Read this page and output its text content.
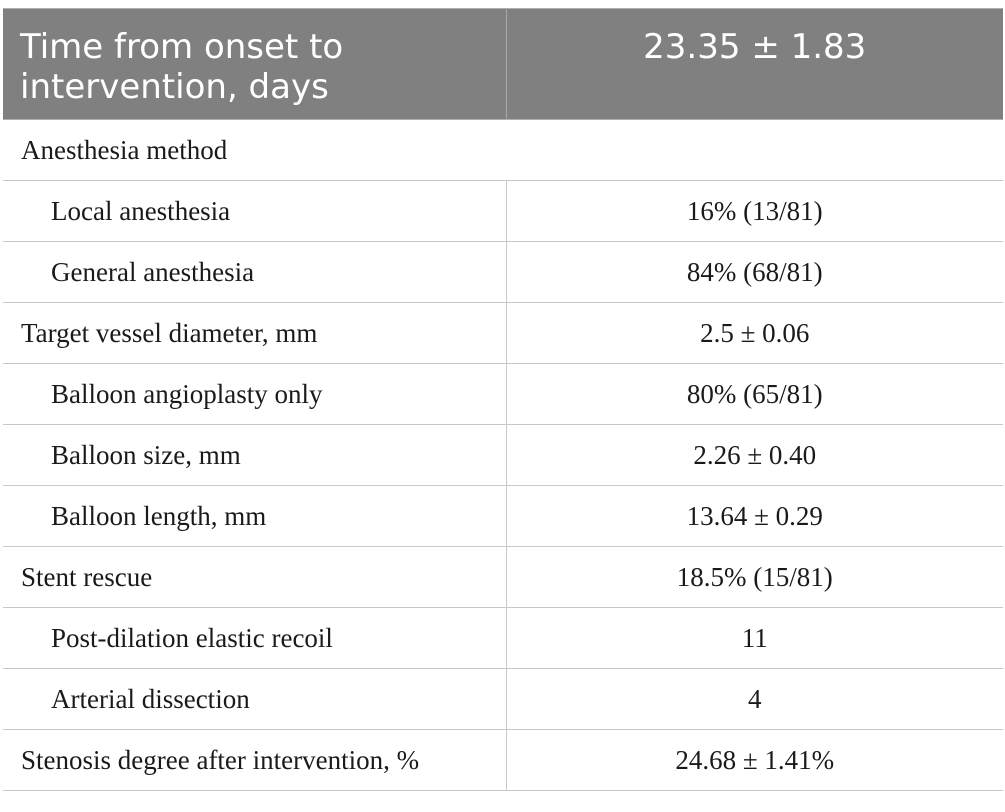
Time from onset to intervention, days	23.35 ± 1.83
Anesthesia method	
Local anesthesia	16% (13/81)
General anesthesia	84% (68/81)
Target vessel diameter, mm	2.5 ± 0.06
Balloon angioplasty only	80% (65/81)
Balloon size, mm	2.26 ± 0.40
Balloon length, mm	13.64 ± 0.29
Stent rescue	18.5% (15/81)
Post-dilation elastic recoil	11
Arterial dissection	4
Stenosis degree after intervention, %	24.68 ± 1.41%
